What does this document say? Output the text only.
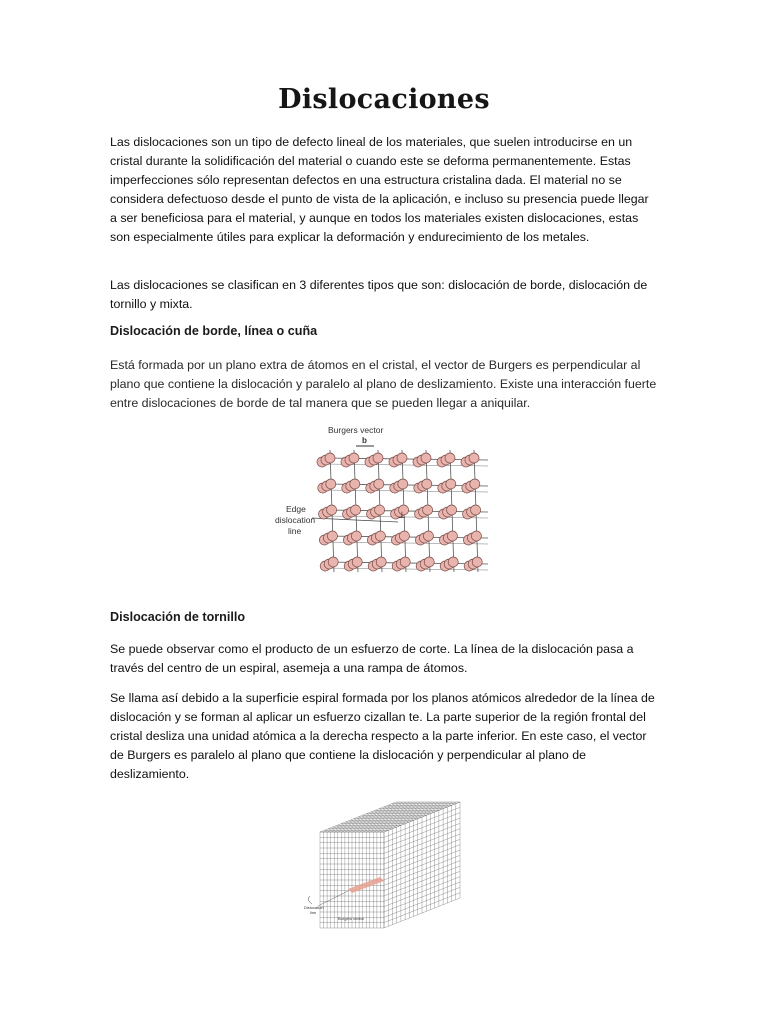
Dislocaciones

Las dislocaciones son un tipo de defecto lineal de los materiales, que suelen introducirse en un cristal durante la solidificación del material o cuando este se deforma permanentemente. Estas imperfecciones sólo representan defectos en una estructura cristalina dada. El material no se considera defectuoso desde el punto de vista de la aplicación, e incluso su presencia puede llegar a ser beneficiosa para el material, y aunque en todos los materiales existen dislocaciones, estas son especialmente útiles para explicar la deformación y endurecimiento de los metales.

Las dislocaciones se clasifican en 3 diferentes tipos que son: dislocación de borde, dislocación de tornillo y mixta.

Dislocación de borde, línea o cuña

Está formada por un plano extra de átomos en el cristal, el vector de Burgers es perpendicular al plano que contiene la dislocación y paralelo al plano de deslizamiento. Existe una interacción fuerte entre dislocaciones de borde de tal manera que se pueden llegar a aniquilar.

Burgers vector
b
Edge
dislocation
line
⊥

Dislocación de tornillo

Se puede observar como el producto de un esfuerzo de corte. La línea de la dislocación pasa a través del centro de un espiral, asemeja a una rampa de átomos.

Se llama así debido a la superficie espiral formada por los planos atómicos alrededor de la línea de dislocación y se forman al aplicar un esfuerzo cizallan te. La parte superior de la región frontal del cristal desliza una unidad atómica a la derecha respecto a la parte inferior. En este caso, el vector de Burgers es paralelo al plano que contiene la dislocación y perpendicular al plano de deslizamiento.

Dislocation
line
Burgers vector
